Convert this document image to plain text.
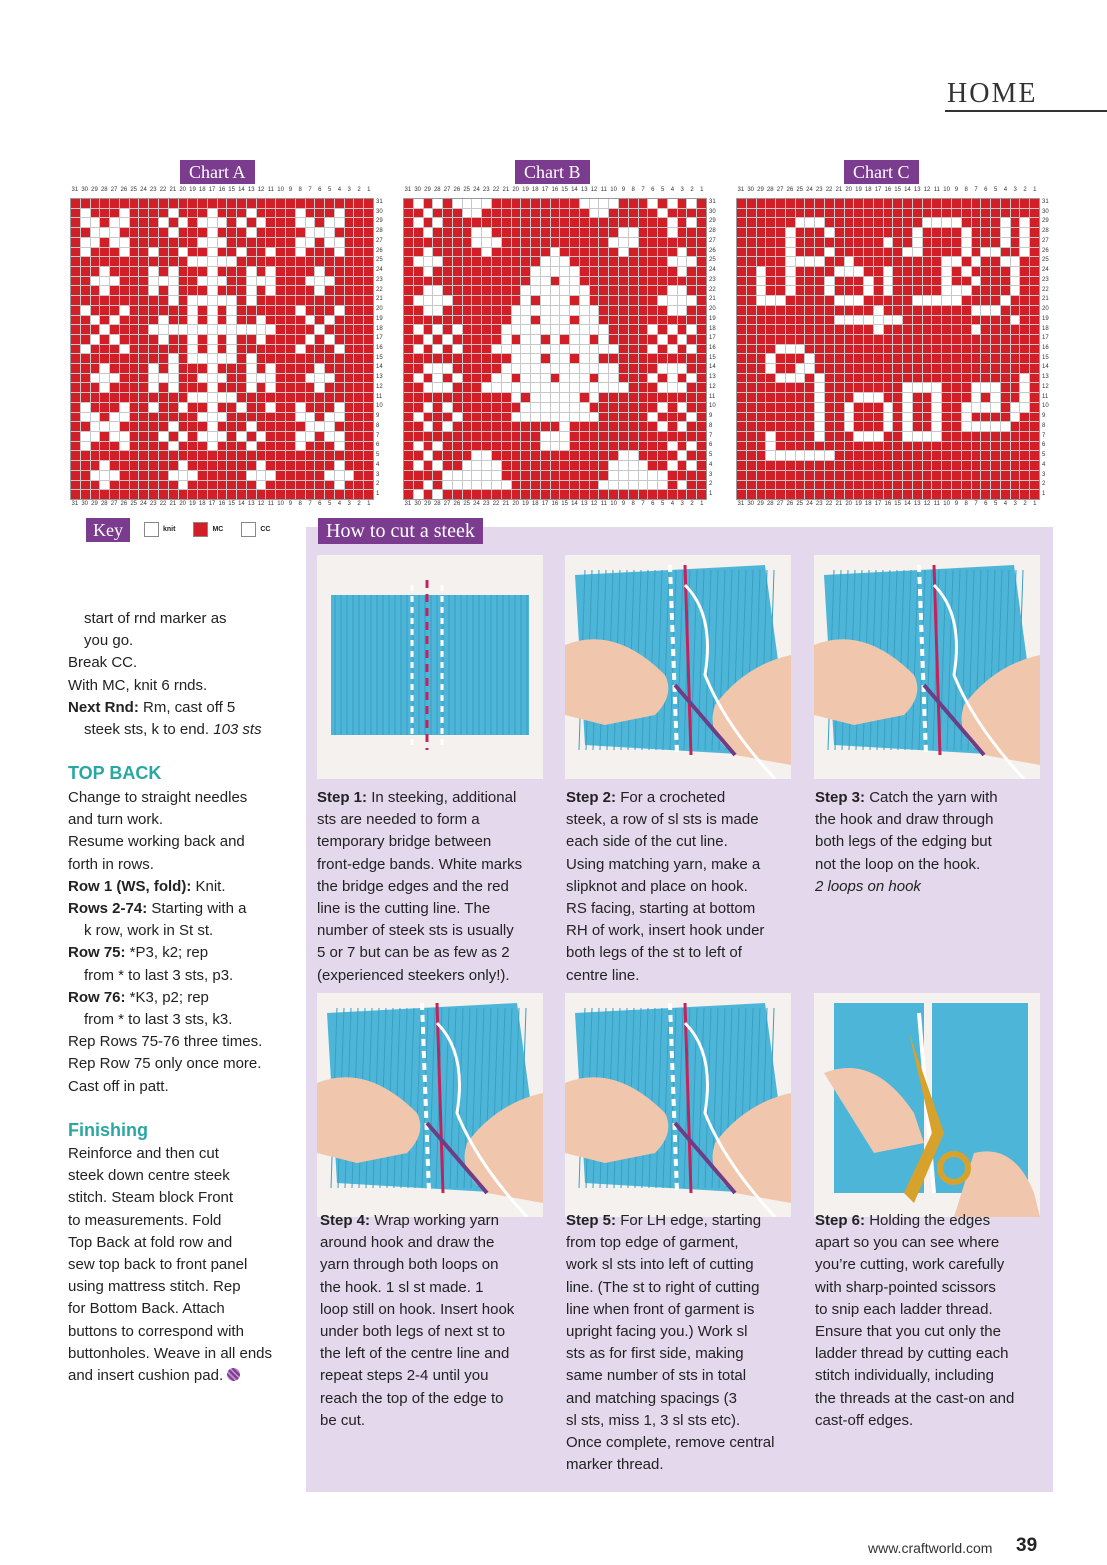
HOME
Chart A
31 30 29 28 27 26 25 24 23 22 21 20 19 18 17 16 15 14 13 12 11 10 9	8	7	6	5	4	3	2	1
31 30 29 28 27 26 25 24 23 22 21 20 19 18 17 16 15 14 13 12 11 10 9	8	7	6	5	4	3	2	1
31
30
29
28
27
26
25
24
23
22
21
20
19
18
17
16
15
14
13
12
11
10
9
8
7
6
5
4
3
2
1
Chart B
31 30 29 28 27 26 25 24 23 22 21 20 19 18 17 16 15 14 13 12 11 10 9	8	7	6	5	4	3	2	1
31 30 29 28 27 26 25 24 23 22 21 20 19 18 17 16 15 14 13 12 11 10 9	8	7	6	5	4	3	2	1
31
30
29
28
27
26
25
24
23
22
21
20
19
18
17
16
15
14
13
12
11
10
9
8
7
6
5
4
3
2
1
Chart C
31 30 29 28 27 26 25 24 23 22 21 20 19 18 17 16 15 14 13 12 11 10 9	8	7	6	5	4	3	2	1
31 30 29 28 27 26 25 24 23 22 21 20 19 18 17 16 15 14 13 12 11 10 9	8	7	6	5	4	3	2	1
31
30
29
28
27
26
25
24
23
22
21
20
19
18
17
16
15
14
13
12
11
10
9
8
7
6
5
4
3
2
1
Key	knit	MC	CC	How to cut a steek
Step 1: In steeking, additional
sts are needed to form a
temporary bridge between
front-edge bands. White marks
the bridge edges and the red
line is the cutting line. The
number of steek sts is usually
5 or 7 but can be as few as 2
(experienced steekers only!).
Step 2: For a crocheted
steek, a row of sl sts is made
each side of the cut line.
Using matching yarn, make a
slipknot and place on hook.
RS facing, starting at bottom
RH of work, insert hook under
both legs of the st to left of
centre line.
Step 3: Catch the yarn with
the hook and draw through
both legs of the edging but
not the loop on the hook.
2 loops on hook
Step 4: Wrap working yarn
around hook and draw the
yarn through both loops on
the hook. 1 sl st made. 1
loop still on hook. Insert hook
under both legs of next st to
the left of the centre line and
repeat steps 2-4 until you
reach the top of the edge to
be cut.
Step 5: For LH edge, starting
from top edge of garment,
work sl sts into left of cutting
line. (The st to right of cutting
line when front of garment is
upright facing you.) Work sl
sts as for first side, making
same number of sts in total
and matching spacings (3
sl sts, miss 1, 3 sl sts etc).
Once complete, remove central
marker thread.
Step 6: Holding the edges
apart so you can see where
you’re cutting, work carefully
with sharp-pointed scissors
to snip each ladder thread.
Ensure that you cut only the
ladder thread by cutting each
stitch individually, including
the threads at the cast-on and
cast-off edges.
start of rnd marker as
you go.
Break CC.
With MC, knit 6 rnds.
Next Rnd: Rm, cast off 5
steek sts, k to end. 103 sts
TOP BACK
Change to straight needles
and turn work.
Resume working back and
forth in rows.
Row 1 (WS, fold): Knit.
Rows 2-74: Starting with a
k row, work in St st.
Row 75: *P3, k2; rep
from * to last 3 sts, p3.
Row 76: *K3, p2; rep
from * to last 3 sts, k3.
Rep Rows 75-76 three times.
Rep Row 75 only once more.
Cast off in patt.
Finishing
Reinforce and then cut
steek down centre steek
stitch. Steam block Front
to measurements. Fold
Top Back at fold row and
sew top back to front panel
using mattress stitch. Rep
for Bottom Back. Attach
buttons to correspond with
buttonholes. Weave in all ends
and insert cushion pad.
www.craftworld.com 39
